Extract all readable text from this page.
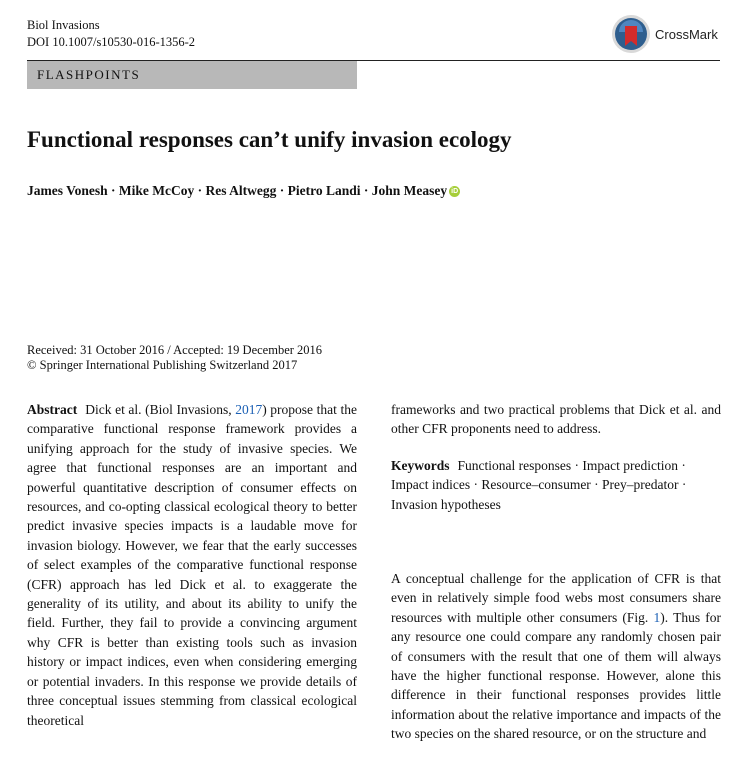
Biol Invasions
DOI 10.1007/s10530-016-1356-2
CrossMark
FLASHPOINTS
Functional responses can’t unify invasion ecology
James Vonesh · Mike McCoy · Res Altwegg · Pietro Landi · John Measey iD
Received: 31 October 2016 / Accepted: 19 December 2016
© Springer International Publishing Switzerland 2017
Abstract Dick et al. (Biol Invasions, 2017) propose that the comparative functional response framework provides a unifying approach for the study of invasive species. We agree that functional responses are an important and powerful quantitative description of consumer effects on resources, and co-opting classical ecological theory to better predict invasive species impacts is a laudable move for invasion biology. However, we fear that the early successes of select examples of the comparative functional response (CFR) approach has led Dick et al. to exaggerate the generality of its utility, and about its ability to unify the field. Further, they fail to provide a convincing argument why CFR is better than existing tools such as invasion history or impact indices, even when considering emerging or potential invaders. In this response we provide details of three conceptual issues stemming from classical ecological theoretical
frameworks and two practical problems that Dick et al. and other CFR proponents need to address.
Keywords Functional responses · Impact prediction · Impact indices · Resource–consumer · Prey–predator · Invasion hypotheses
A conceptual challenge for the application of CFR is that even in relatively simple food webs most consumers share resources with multiple other consumers (Fig. 1). Thus for any resource one could compare any randomly chosen pair of consumers with the result that one of them will always have the higher functional response. However, alone this difference in their functional responses provides little information about the relative importance and impacts of the two species on the shared resource, or on the structure and
